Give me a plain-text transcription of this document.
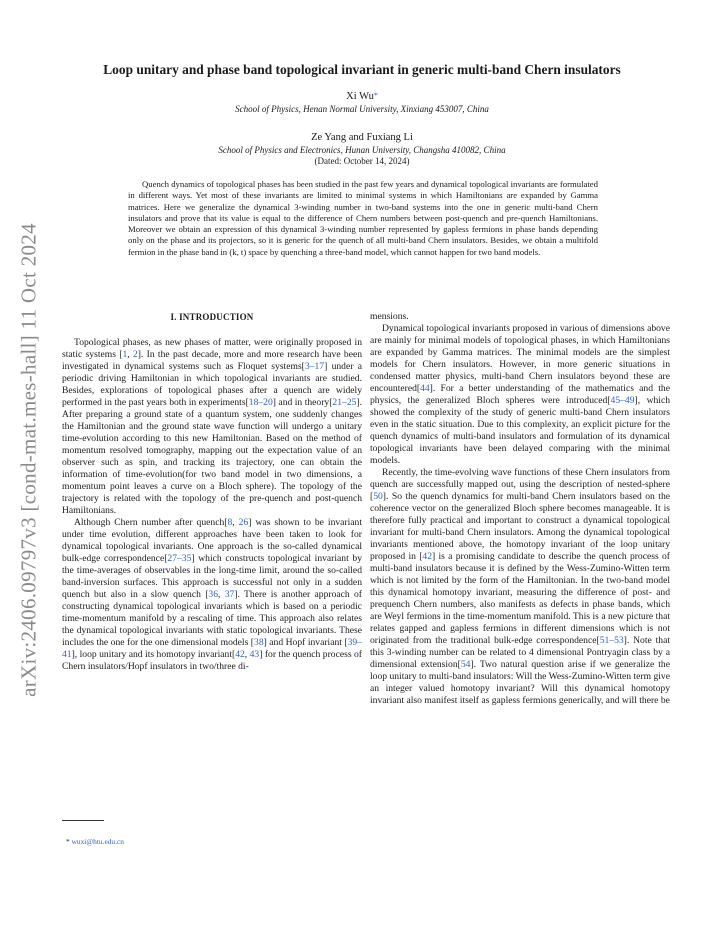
arXiv:2406.09797v3 [cond-mat.mes-hall] 11 Oct 2024
Loop unitary and phase band topological invariant in generic multi-band Chern insulators
Xi Wu*
School of Physics, Henan Normal University, Xinxiang 453007, China
Ze Yang and Fuxiang Li
School of Physics and Electronics, Hunan University, Changsha 410082, China
(Dated: October 14, 2024)
Quench dynamics of topological phases has been studied in the past few years and dynamical topological invariants are formulated in different ways. Yet most of these invariants are limited to minimal systems in which Hamiltonians are expanded by Gamma matrices. Here we generalize the dynamical 3-winding number in two-band systems into the one in generic multi-band Chern insulators and prove that its value is equal to the difference of Chern numbers between post-quench and pre-quench Hamiltonians. Moreover we obtain an expression of this dynamical 3-winding number represented by gapless fermions in phase bands depending only on the phase and its projectors, so it is generic for the quench of all multi-band Chern insulators. Besides, we obtain a multifold fermion in the phase band in (k, t) space by quenching a three-band model, which cannot happen for two band models.
I. INTRODUCTION

Topological phases, as new phases of matter, were originally proposed in static systems [1, 2]. In the past decade, more and more research have been investigated in dynamical systems such as Floquet systems[3–17] under a periodic driving Hamiltonian in which topological invariants are studied. Besides, explorations of topological phases after a quench are widely performed in the past years both in experiments[18–20] and in theory[21–25]. After preparing a ground state of a quantum system, one suddenly changes the Hamiltonian and the ground state wave function will undergo a unitary time-evolution according to this new Hamiltonian. Based on the method of momentum resolved tomography, mapping out the expectation value of an observer such as spin, and tracking its trajectory, one can obtain the information of time-evolution(for two band model in two dimensions, a momentum point leaves a curve on a Bloch sphere). The topology of the trajectory is related with the topology of the pre-quench and post-quench Hamiltonians.

Although Chern number after quench[8, 26] was shown to be invariant under time evolution, different approaches have been taken to look for dynamical topological invariants. One approach is the so-called dynamical bulk-edge correspondence[27–35] which constructs topological invariant by the time-averages of observables in the long-time limit, around the so-called band-inversion surfaces. This approach is successful not only in a sudden quench but also in a slow quench [36, 37]. There is another approach of constructing dynamical topological invariants which is based on a periodic time-momentum manifold by a rescaling of time. This approach also relates the dynamical topological invariants with static topological invariants. These includes the one for the one dimensional models [38] and Hopf invariant [39–41], loop unitary and its homotopy invariant[42, 43] for the quench process of Chern insulators/Hopf insulators in two/three di-

mensions.

Dynamical topological invariants proposed in various of dimensions above are mainly for minimal models of topological phases, in which Hamiltonians are expanded by Gamma matrices. The minimal models are the simplest models for Chern insulators. However, in more generic situations in condensed matter physics, multi-band Chern insulators beyond these are encountered[44]. For a better understanding of the mathematics and the physics, the generalized Bloch spheres were introduced[45–49], which showed the complexity of the study of generic multi-band Chern insulators even in the static situation. Due to this complexity, an explicit picture for the quench dynamics of multi-band insulators and formulation of its dynamical topological invariants have been delayed comparing with the minimal models.

Recently, the time-evolving wave functions of these Chern insulators from quench are successfully mapped out, using the description of nested-sphere [50]. So the quench dynamics for multi-band Chern insulators based on the coherence vector on the generalized Bloch sphere becomes manageable. It is therefore fully practical and important to construct a dynamical topological invariant for multi-band Chern insulators. Among the dynamical topological invariants mentioned above, the homotopy invariant of the loop unitary proposed in [42] is a promising candidate to describe the quench process of multi-band insulators because it is defined by the Wess-Zumino-Witten term which is not limited by the form of the Hamiltonian. In the two-band model this dynamical homotopy invariant, measuring the difference of post- and prequench Chern numbers, also manifests as defects in phase bands, which are Weyl fermions in the time-momentum manifold. This is a new picture that relates gapped and gapless fermions in different dimensions which is not originated from the traditional bulk-edge correspondence[51–53]. Note that this 3-winding number can be related to 4 dimensional Pontryagin class by a dimensional extension[54]. Two natural question arise if we generalize the loop unitary to multi-band insulators: Will the Wess-Zumino-Witten term give an integer valued homotopy invariant? Will this dynamical homotopy invariant also manifest itself as gapless fermions generically, and will there be

* wuxi@htu.edu.cn
